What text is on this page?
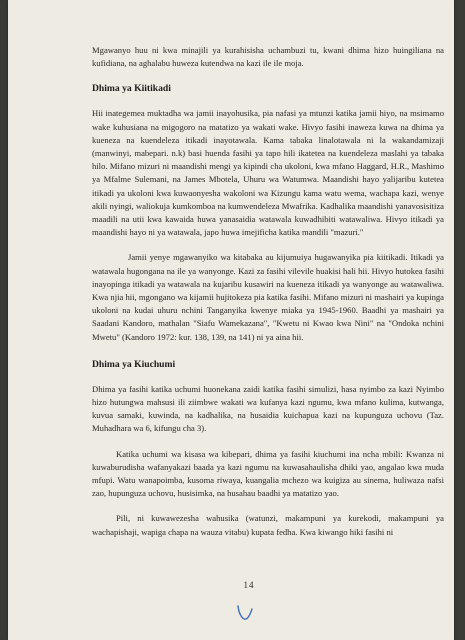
Mgawanyo huu ni kwa minajili ya kurahisisha uchambuzi tu, kwani dhima hizo huingiliana na kufidiana, na aghalabu huweza kutendwa na kazi ile ile moja.

Dhima ya Kiitikadi

Hii inategemea muktadha wa jamii inayohusika, pia nafasi ya mtunzi katika jamii hiyo, na msimamo wake kuhusiana na migogoro na matatizo ya wakati wake. Hivyo fasihi inaweza kuwa na dhima ya kueneza na kuendeleza itikadi inayotawala. Kama tabaka linalotawala ni la wakandamizaji (manwinyi, mabepari. n.k) basi huenda fasihi ya tapo hili ikatetea na kuendeleza maslahi ya tabaka hilo. Mifano mizuri ni maandishi mengi ya kipindi cha ukoloni, kwa mfano Haggard, H.R., Mashimo ya Mfalme Sulemani, na James Mbotela, Uhuru wa Watumwa. Maandishi hayo yalijaribu kutetea itikadi ya ukoloni kwa kuwaonyesha wakoloni wa Kizungu kama watu wema, wachapa kazi, wenye akili nyingi, waliokuja kumkomboa na kumwendeleza Mwafrika. Kadhalika maandishi yanavosisitiza maadili na utii kwa kawaida huwa yanasaidia watawala kuwadhibiti watawaliwa. Hivyo itikadi ya maandishi hayo ni ya watawala, japo huwa imejificha katika mandili "mazuri."

Jamii yenye mgawanyiko wa kitabaka au kijumuiya hugawanyika pia kiitikadi. Itikadi ya watawala hugongana na ile ya wanyonge. Kazi za fasihi vilevile huakisi hali hii. Hivyo hutokea fasihi inayopinga itikadi ya watawala na kujaribu kusawiri na kueneza itikadi ya wanyonge au watawaliwa. Kwa njia hii, mgongano wa kijamii hujitokeza pia katika fasihi. Mifano mizuri ni mashairi ya kupinga ukoloni na kudai uhuru nchini Tanganyika kwenye miaka ya 1945-1960. Baadhi ya mashairi ya Saadani Kandoro, mathalan "Siafu Wamekazana", "Kwetu ni Kwao kwa Nini" na "Ondoka nchini Mwetu" (Kandoro 1972: kur. 138, 139, na 141) ni ya aina hii.

Dhima ya Kiuchumi

Dhima ya fasihi katika uchumi huonekana zaidi katika fasihi simulizi, hasa nyimbo za kazi Nyimbo hizo hutungwa mahsusi ili ziimbwe wakati wa kufanya kazi ngumu, kwa mfano kulima, kutwanga, kuvua samaki, kuwinda, na kadhalika, na husaidia kuichapua kazi na kupunguza uchovu (Taz. Muhadhara wa 6, kifungu cha 3).

Katika uchumi wa kisasa wa kibepari, dhima ya fasihi kiuchumi ina ncha mbili: Kwanza ni kuwaburudisha wafanyakazi baada ya kazi ngumu na kuwasahaulisha dhiki yao, angalao kwa muda mfupi. Watu wanapoimba, kusoma riwaya, kuangalia mchezo wa kuigiza au sinema, huliwaza nafsi zao, hupunguza uchovu, husisimka, na husahau baadhi ya matatizo yao.

Pili, ni kuwawezesha wahusika (watunzi, makampuni ya kurekodi, makampuni ya wachapishaji, wapiga chapa na wauza vitabu) kupata fedha. Kwa kiwango hiki fasihi ni

14
